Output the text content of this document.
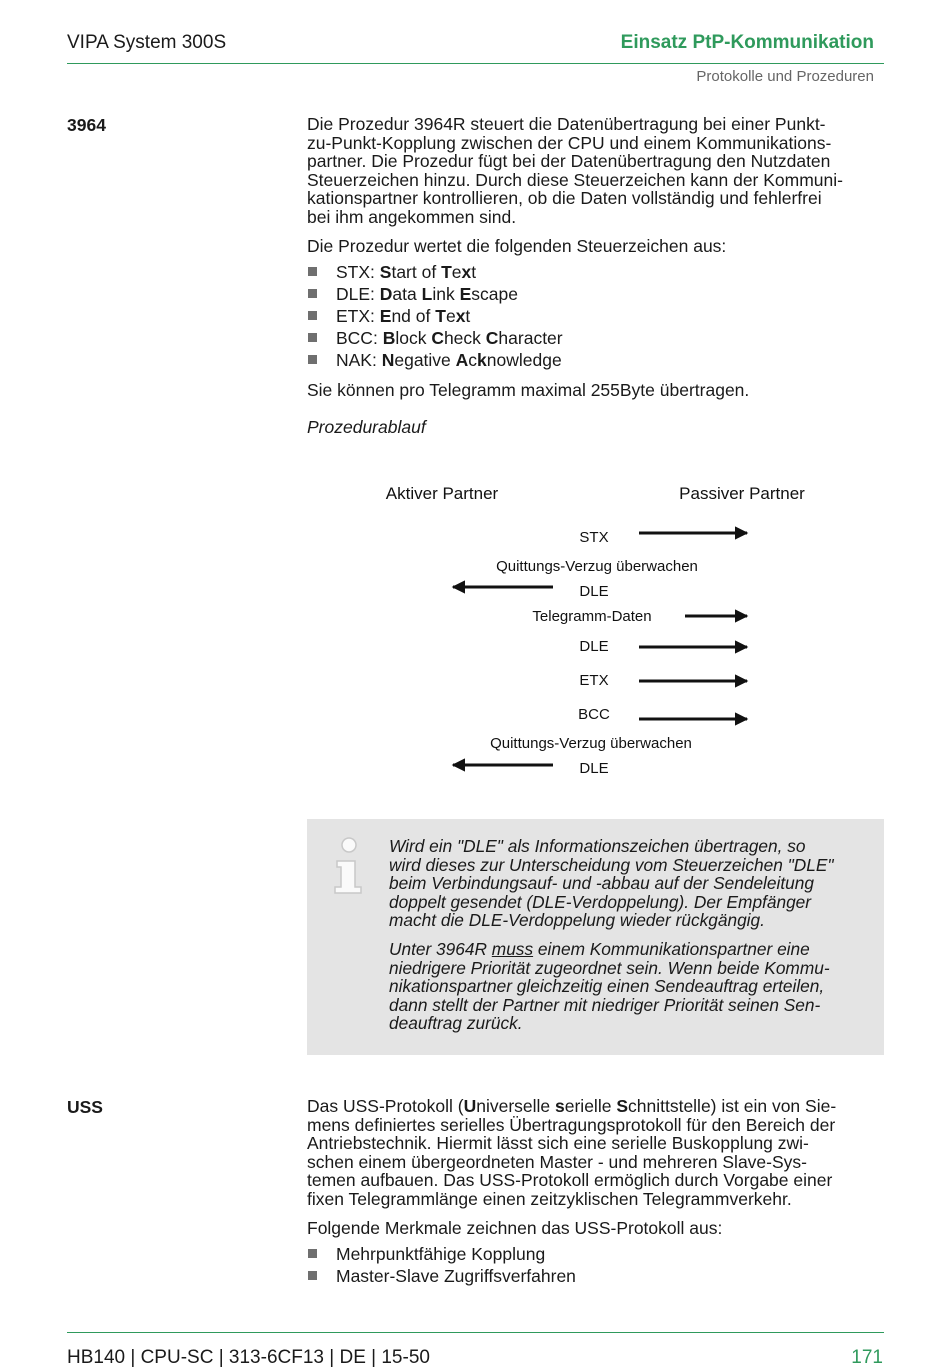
VIPA System 300S	Einsatz PtP-Kommunikation
Protokolle und Prozeduren
3964	Die Prozedur 3964R steuert die Datenübertragung bei einer Punkt-
zu-Punkt-Kopplung zwischen der CPU und einem Kommunikations-
partner. Die Prozedur fügt bei der Datenübertragung den Nutzdaten
Steuerzeichen hinzu. Durch diese Steuerzeichen kann der Kommuni-
kationspartner kontrollieren, ob die Daten vollständig und fehlerfrei
bei ihm angekommen sind.

Die Prozedur wertet die folgenden Steuerzeichen aus:

STX: Start of Text
DLE: Data Link Escape
ETX: End of Text
BCC: Block Check Character
NAK: Negative Acknowledge

Sie können pro Telegramm maximal 255Byte übertragen.

Prozedurablauf

Aktiver Partner	Passiver Partner
STX
Quittungs-Verzug überwachen
DLE
Telegramm-Daten
DLE
ETX
BCC
Quittungs-Verzug überwachen
DLE

Wird ein "DLE" als Informationszeichen übertragen, so
wird dieses zur Unterscheidung vom Steuerzeichen "DLE"
beim Verbindungsauf- und -abbau auf der Sendeleitung
doppelt gesendet (DLE-Verdoppelung). Der Empfänger
macht die DLE-Verdoppelung wieder rückgängig.

Unter 3964R muss einem Kommunikationspartner eine
niedrigere Priorität zugeordnet sein. Wenn beide Kommu-
nikationspartner gleichzeitig einen Sendeauftrag erteilen,
dann stellt der Partner mit niedriger Priorität seinen Sen-
deauftrag zurück.

USS	Das USS-Protokoll (Universelle serielle Schnittstelle) ist ein von Sie-
mens definiertes serielles Übertragungsprotokoll für den Bereich der
Antriebstechnik. Hiermit lässt sich eine serielle Buskopplung zwi-
schen einem übergeordneten Master - und mehreren Slave-Sys-
temen aufbauen. Das USS-Protokoll ermöglich durch Vorgabe einer
fixen Telegrammlänge einen zeitzyklischen Telegrammverkehr.

Folgende Merkmale zeichnen das USS-Protokoll aus:

Mehrpunktfähige Kopplung
Master-Slave Zugriffsverfahren
HB140 | CPU-SC | 313-6CF13 | DE | 15-50	171
